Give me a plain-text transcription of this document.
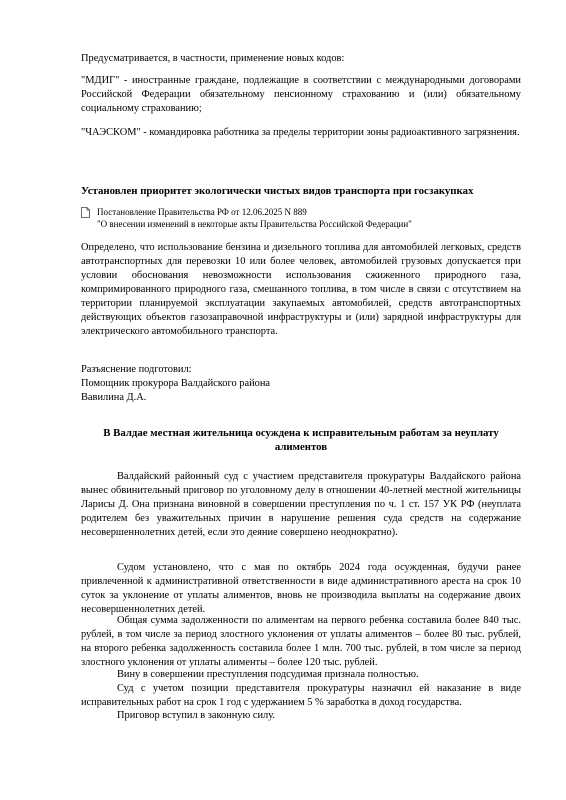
Предусматривается, в частности, применение новых кодов:

"МДИГ" - иностранные граждане, подлежащие в соответствии с международными договорами Российской Федерации обязательному пенсионному страхованию и (или) обязательному социальному страхованию;

"ЧАЭСКОМ" - командировка работника за пределы территории зоны радиоактивного загрязнения.

Установлен приоритет экологически чистых видов транспорта при госзакупках

Постановление Правительства РФ от 12.06.2025 N 889

"О внесении изменений в некоторые акты Правительства Российской Федерации"

Определено, что использование бензина и дизельного топлива для автомобилей легковых, средств автотранспортных для перевозки 10 или более человек, автомобилей грузовых допускается при условии обоснования невозможности использования сжиженного природного газа, компримированного природного газа, смешанного топлива, в том числе в связи с отсутствием на территории планируемой эксплуатации закупаемых автомобилей, средств автотранспортных действующих объектов газозаправочной инфраструктуры и (или) зарядной инфраструктуры для электрического автомобильного транспорта.

Разъяснение подготовил:

Помощник прокурора Валдайского района

Вавилина Д.А.

В Валдае местная жительница осуждена к исправительным работам за неуплату алиментов

Валдайский районный суд с участием представителя прокуратуры Валдайского района вынес обвинительный приговор по уголовному делу в отношении 40-летней местной жительницы Ларисы Д. Она признана виновной в совершении преступления по ч. 1 ст. 157 УК РФ (неуплата родителем без уважительных причин в нарушение решения суда средств на содержание несовершеннолетних детей, если это деяние совершено неоднократно).

Судом установлено, что с мая по октябрь 2024 года осужденная, будучи ранее привлеченной к административной ответственности в виде административного ареста на срок 10 суток за уклонение от уплаты алиментов, вновь не производила выплаты на содержание двоих несовершеннолетних детей.

Общая сумма задолженности по алиментам на первого ребенка составила более 840 тыс. рублей, в том числе за период злостного уклонения от уплаты алиментов – более 80 тыс. рублей, на второго ребенка задолженность составила более 1 млн. 700 тыс. рублей, в том числе за период злостного уклонения от уплаты алименты – более 120 тыс. рублей.

Вину в совершении преступления подсудимая признала полностью.

Суд с учетом позиции представителя прокуратуры назначил ей наказание в виде исправительных работ на срок 1 год с удержанием 5 % заработка в доход государства.

Приговор вступил в законную силу.
